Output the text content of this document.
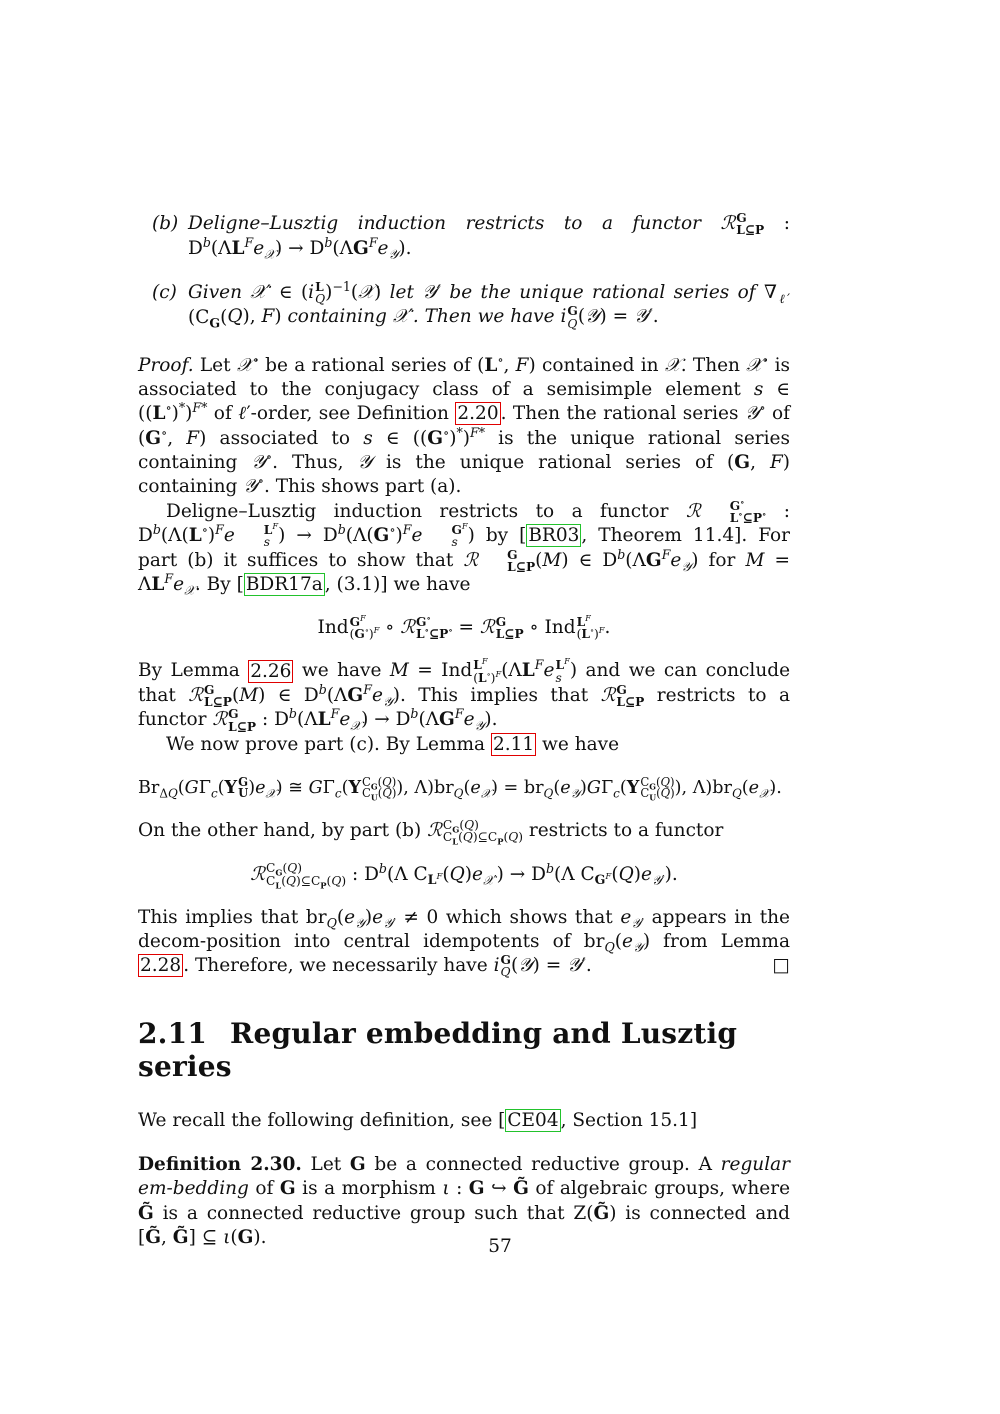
(b) Deligne–Lusztig induction restricts to a functor ℛ G
L⊆P : $D^b(\Lambda L^Fe_𝒳) \to D^b(\Lambda G^Fe_𝒴)$.
(c) Given 𝒳′ ∈ (i L
Q )$^{-1}$(𝒳) let 𝒴′ be the unique rational series of $\nabla_{\ell'}(C_G(Q)$, F) containing 𝒳′. Then we have i G
Q (𝒴) = 𝒴′.

Proof. Let 𝒳∘ be a rational series of (L∘, F) contained in 𝒳. Then 𝒳∘ is associated to the conjugacy class of a semisimple element s ∈ $((L^\circ)^*)^{F*}$ of ℓ′-order, see Definition 2.20 . Then the rational series 𝒴∘ of (G∘, F) associated to s ∈ $((G^\circ)^*)^{F*}$ is the unique rational series containing 𝒴∘. Thus, 𝒴 is the unique rational series of (G, F) containing 𝒴∘. This shows part (a).

Deligne–Lusztig induction restricts to a functor ℛ	G∘
L∘⊆P∘ : $D^b(\Lambda(L^\circ)^Fe$	$L^F$
s ) → $D^b(\Lambda(G^\circ)^Fe$	$G^F$
s ) by [ BR03 , Theorem 11.4]. For part (b) it suffices to show that ℛ	G
L⊆P (M) ∈ $D^b(\Lambda G^Fe_𝒴)$ for $M = \Lambda L^Fe_𝒳$. By [ BDR17a , (3.1)] we have

Ind $G^F$
$(G^\circ)^F$ ∘ ℛ G∘
L∘⊆P∘ = ℛ G
L⊆P ∘ Ind $L^F$
$(L^\circ)^F$ .

By Lemma 2.26 we have M = Ind $L^F$
$(L^\circ)^F$ ($\Lambda L^Fe$ $L^F$
s ) and we can conclude that ℛ G
L⊆P (M) ∈ $D^b(\Lambda G^Fe_𝒴)$. This implies that ℛ G
L⊆P restricts to a functor ℛ G
L⊆P : $D^b(\Lambda L^Fe_𝒳) \to D^b(\Lambda G^Fe_𝒴)$.

We now prove part (c). By Lemma 2.11 we have

$Br_{\Delta Q}(G\Gamma_c(Y$ G
U )$e_𝒳$) ≅ $G\Gamma_c(Y$ $C_G(Q)$
$C_U(Q)$ ), $\Lambda)br_Q(e_𝒳) = br_Q(e_𝒴)G\Gamma_c(Y$ $C_G(Q)$
$C_U(Q)$ ), $\Lambda)br_Q(e_𝒳)$.

On the other hand, by part (b) ℛ $C_G(Q)$
$C_L(Q)⊆C_P(Q)$ restricts to a functor

ℛ $C_G(Q)$
$C_L(Q)⊆C_P(Q)$ : $D^b(\Lambda$ $C_{L^F}(Q)e_{𝒳'}) \to D^b(\Lambda$ $C_{G^F}(Q)e_{𝒴'}$).

This implies that $br_Q(e_𝒴)e_{𝒴'} \ne 0$ which shows that $e_{𝒴'}$ appears in the decom-position into central idempotents of $br_Q(e_𝒴)$ from Lemma 2.28 . Therefore, we necessarily have i G
Q (𝒴) = 𝒴′.	□

2.11 Regular embedding and Lusztig series

We recall the following definition, see [ CE04 , Section 15.1]

Definition 2.30. Let G be a connected reductive group. A regular em-bedding of G is a morphism ι : G ↪ G̃ of algebraic groups, where G̃ is a connected reductive group such that Z(G̃) is connected and [G̃, G̃] ⊆ ι(G).	57
